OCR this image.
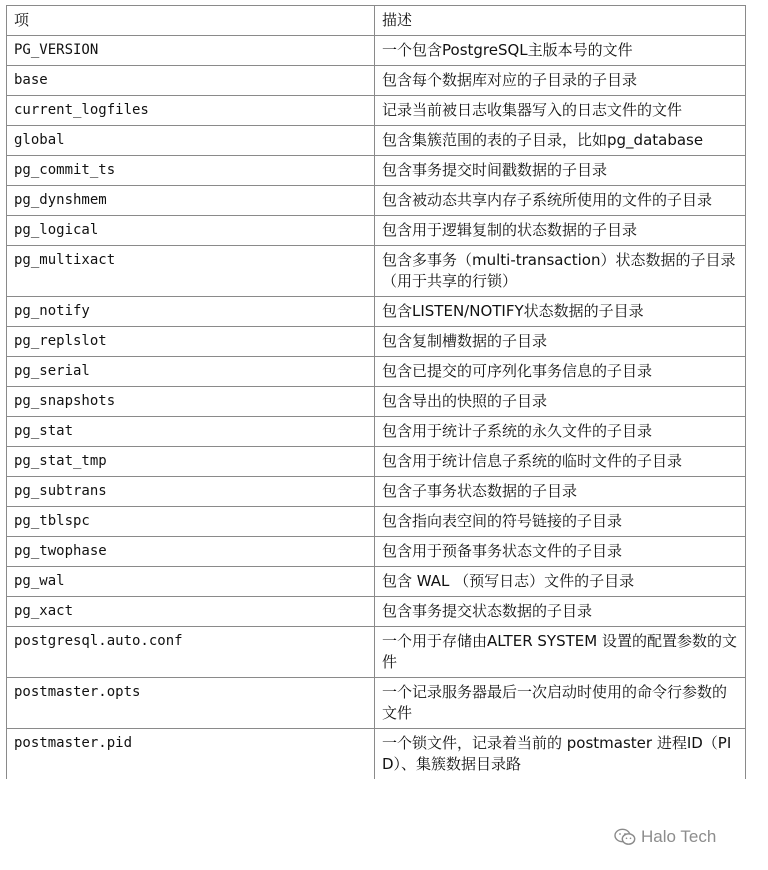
项	描述
PG_VERSION	一个包含PostgreSQL主版本号的文件
base	包含每个数据库对应的子目录的子目录
current_logfiles	记录当前被日志收集器写入的日志文件的文件
global	包含集簇范围的表的子目录，比如pg_database
pg_commit_ts	包含事务提交时间戳数据的子目录
pg_dynshmem	包含被动态共享内存子系统所使用的文件的子目录
pg_logical	包含用于逻辑复制的状态数据的子目录
pg_multixact	包含多事务（multi-transaction）状态数据的子目录（用于共享的行锁）
pg_notify	包含LISTEN/NOTIFY状态数据的子目录
pg_replslot	包含复制槽数据的子目录
pg_serial	包含已提交的可序列化事务信息的子目录
pg_snapshots	包含导出的快照的子目录
pg_stat	包含用于统计子系统的永久文件的子目录
pg_stat_tmp	包含用于统计信息子系统的临时文件的子目录
pg_subtrans	包含子事务状态数据的子目录
pg_tblspc	包含指向表空间的符号链接的子目录
pg_twophase	包含用于预备事务状态文件的子目录
pg_wal	包含 WAL （预写日志）文件的子目录
pg_xact	包含事务提交状态数据的子目录
postgresql.auto.conf	一个用于存储由ALTER SYSTEM 设置的配置参数的文件
postmaster.opts	一个记录服务器最后一次启动时使用的命令行参数的文件
postmaster.pid	一个锁文件，记录着当前的 postmaster 进程ID（PID）、集簇数据目录路
Halo Tech
